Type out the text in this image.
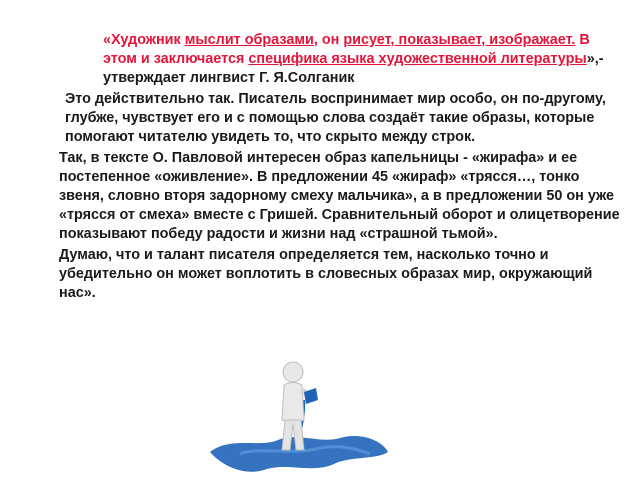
«Художник мыслит образами, он рисует, показывает, изображает. В этом и заключается специфика языка художественной литературы»,- утверждает лингвист Г. Я.Солганик
Это действительно так. Писатель воспринимает мир особо, он по-другому, глубже, чувствует его и с помощью слова создаёт такие образы, которые помогают читателю увидеть то, что скрыто между строк.
Так, в тексте О. Павловой интересен образ капельницы - «жирафа» и ее постепенное «оживление». В предложении 45 «жираф» «трясся…, тонко звеня, словно вторя задорному смеху мальчика», а в предложении 50 он уже «трясся от смеха» вместе с Гришей. Сравнительный оборот и олицетворение показывают победу радости и жизни над «страшной тьмой».
Думаю, что и талант писателя определяется тем, насколько точно и убедительно он может воплотить в словесных образах мир, окружающий нас».
